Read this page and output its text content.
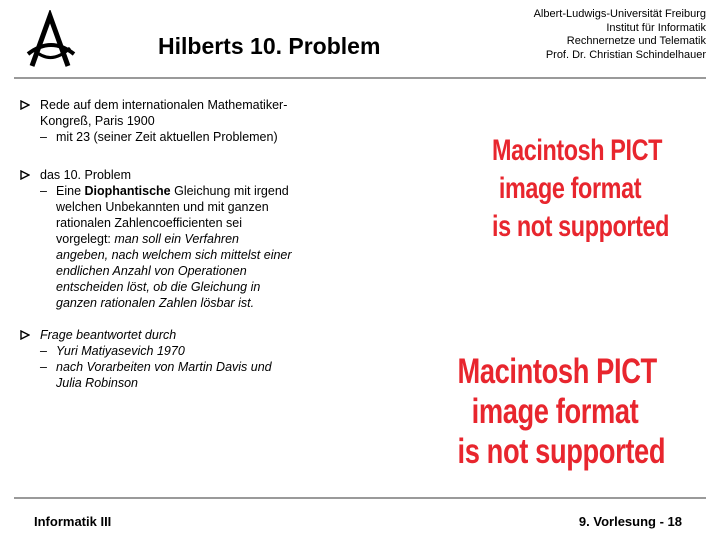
Hilberts 10. Problem
Albert-Ludwigs-Universität Freiburg
Institut für Informatik
Rechnernetze und Telematik
Prof. Dr. Christian Schindelhauer
Rede auf dem internationalen Mathematiker-
Kongreß, Paris 1900
– mit 23 (seiner Zeit aktuellen Problemen)
das 10. Problem
– Eine Diophantische Gleichung mit irgend
welchen Unbekannten und mit ganzen
rationalen Zahlencoefficienten sei
vorgelegt: man soll ein Verfahren
angeben, nach welchem sich mittelst einer
endlichen Anzahl von Operationen
entscheiden löst, ob die Gleichung in
ganzen rationalen Zahlen lösbar ist.
Frage beantwortet durch
– Yuri Matiyasevich 1970
– nach Vorarbeiten von Martin Davis und
Julia Robinson
Macintosh PICT
image format
is not supported
Macintosh PICT
image format
is not supported
Informatik III	9. Vorlesung - 18
